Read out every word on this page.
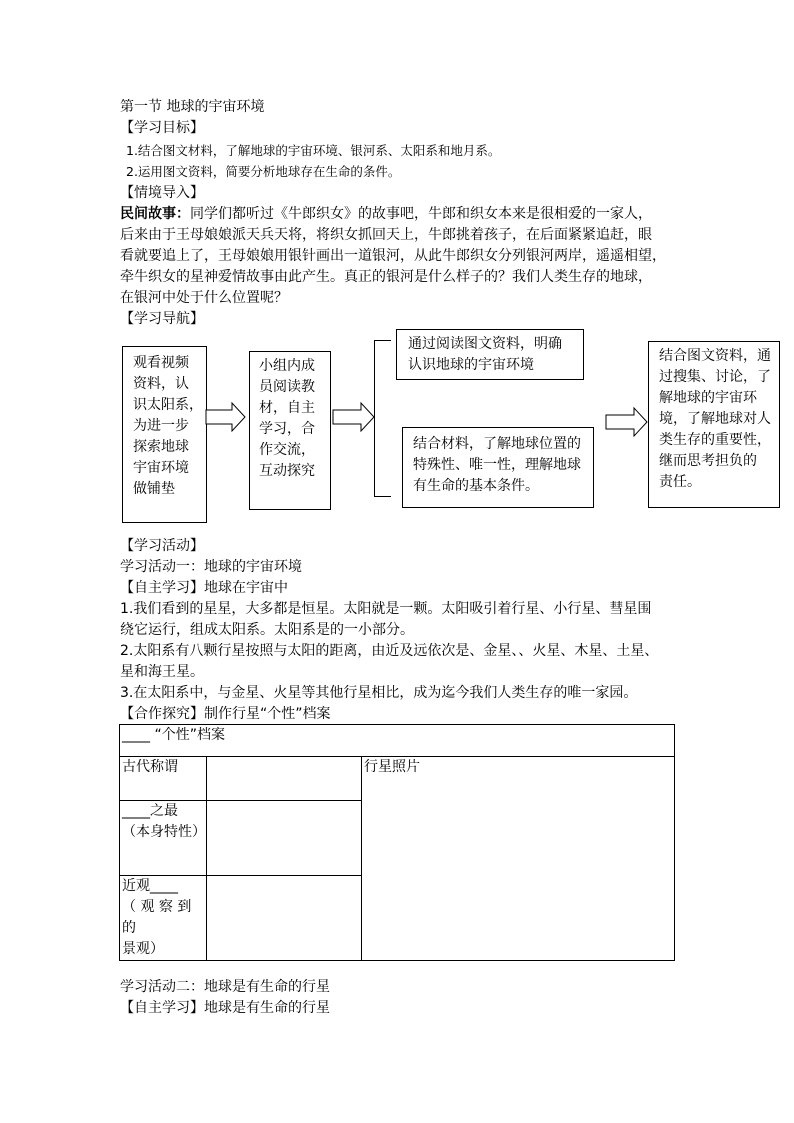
第一节 地球的宇宙环境
【学习目标】
1.结合图文材料，了解地球的宇宙环境、银河系、太阳系和地月系。
2.运用图文资料，简要分析地球存在生命的条件。
【情境导入】
民间故事：同学们都听过《牛郎织女》的故事吧，牛郎和织女本来是很相爱的一家人，
后来由于王母娘娘派天兵天将，将织女抓回天上，牛郎挑着孩子，在后面紧紧追赶，眼
看就要追上了，王母娘娘用银针画出一道银河，从此牛郎织女分列银河两岸，遥遥相望，
牵牛织女的星神爱情故事由此产生。真正的银河是什么样子的？我们人类生存的地球，
在银河中处于什么位置呢？
【学习导航】
观看视频
资料，认
识太阳系，
为进一步
探索地球
宇宙环境
做铺垫
小组内成
员阅读教
材，自主
学习，合
作交流，
互动探究
通过阅读图文资料，明确
认识地球的宇宙环境
结合材料，了解地球位置的
特殊性、唯一性，理解地球
有生命的基本条件。
结合图文资料，通
过搜集、讨论，了
解地球的宇宙环
境，了解地球对人
类生存的重要性，
继而思考担负的
责任。
【学习活动】
学习活动一：地球的宇宙环境
【自主学习】地球在宇宙中
1.我们看到的星星，大多都是恒星。太阳就是一颗。太阳吸引着行星、小行星、彗星围
绕它运行，组成太阳系。太阳系是的一小部分。
2.太阳系有八颗行星按照与太阳的距离，由近及远依次是、金星、、火星、木星、土星、
星和海王星。
3.在太阳系中，与金星、火星等其他行星相比，成为迄今我们人类生存的唯一家园。
【合作探究】制作行星“个性”档案
____ “个性”档案		
古代称谓		行星照片

____之最
（本身特性）		

近观____
（ 观 察 到 的
景观）		

学习活动二：地球是有生命的行星
【自主学习】地球是有生命的行星
